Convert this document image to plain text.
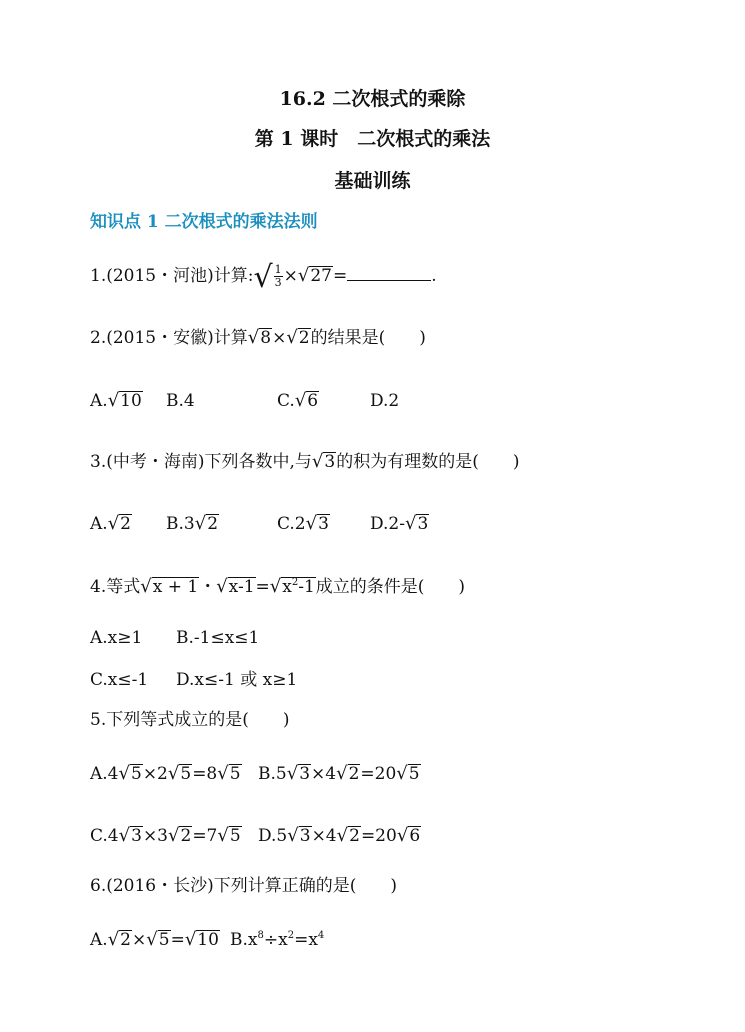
16.2 二次根式的乘除
第 1 课时　二次根式的乘法
基础训练
知识点 1 二次根式的乘法法则
1.(2015・河池)计算:√ $\frac{1}{3} \times√27=$	.
2.(2015・安徽)计算√8×√2的结果是(　　)
A.√10 B.4	C.√6	D.2
3.(中考・海南)下列各数中,与√3的积为有理数的是(　　)
A.√2 B.3√2	C.2√3 D.2-√3
4.等式√x + 1・$√x-1=√x^2-1$成立的条件是(　　)
A.x≥1 B.-1≤x≤1
C.x≤-1 D.x≤-1 或 x≥1
5.下列等式成立的是(　　)
A.4√5×2√5=8√5 B.5√3×4√2=20√5
C.4√3×3√2=7√5 D.5√3×4√2=20√6
6.(2016・长沙)下列计算正确的是(　　)
A.√2×√5=√10 $B.x^8\div x^2=x^4$
